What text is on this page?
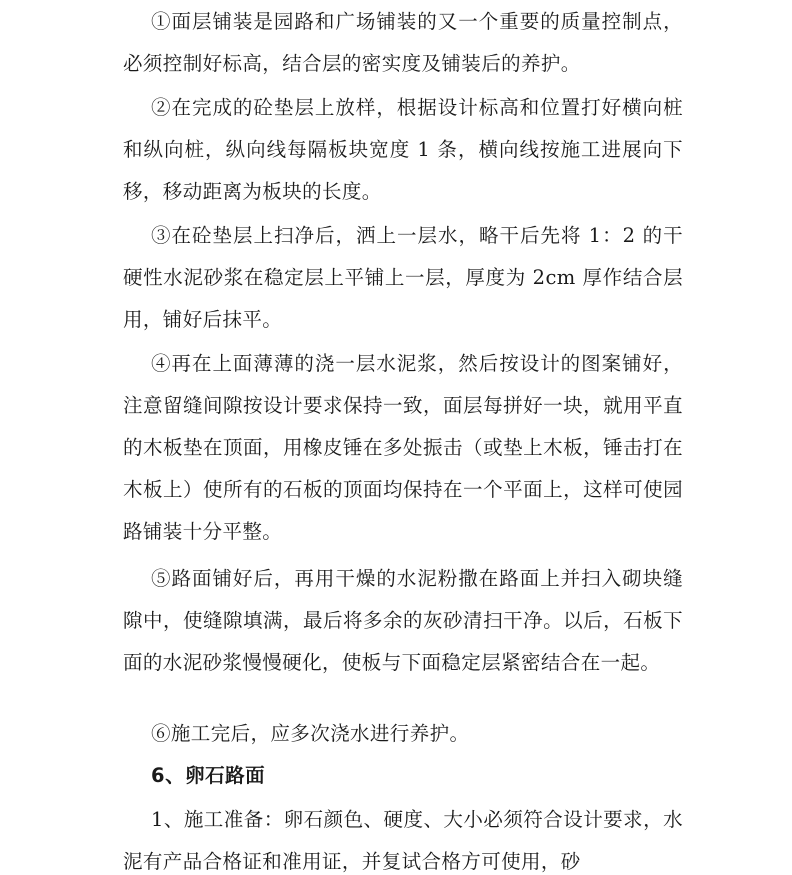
①面层铺装是园路和广场铺装的又一个重要的质量控制点，必须控制好标高，结合层的密实度及铺装后的养护。

②在完成的砼垫层上放样，根据设计标高和位置打好横向桩和纵向桩，纵向线每隔板块宽度 1 条，横向线按施工进展向下移，移动距离为板块的长度。

③在砼垫层上扫净后，洒上一层水，略干后先将 1：2 的干硬性水泥砂浆在稳定层上平铺上一层，厚度为 2cm 厚作结合层用，铺好后抹平。

④再在上面薄薄的浇一层水泥浆，然后按设计的图案铺好，注意留缝间隙按设计要求保持一致，面层每拼好一块，就用平直的木板垫在顶面，用橡皮锤在多处振击（或垫上木板，锤击打在木板上）使所有的石板的顶面均保持在一个平面上，这样可使园路铺装十分平整。

⑤路面铺好后，再用干燥的水泥粉撒在路面上并扫入砌块缝隙中，使缝隙填满，最后将多余的灰砂清扫干净。以后，石板下面的水泥砂浆慢慢硬化，使板与下面稳定层紧密结合在一起。

⑥施工完后，应多次浇水进行养护。

6、卵石路面

1、施工准备：卵石颜色、硬度、大小必须符合设计要求，水泥有产品合格证和准用证，并复试合格方可使用，砂
